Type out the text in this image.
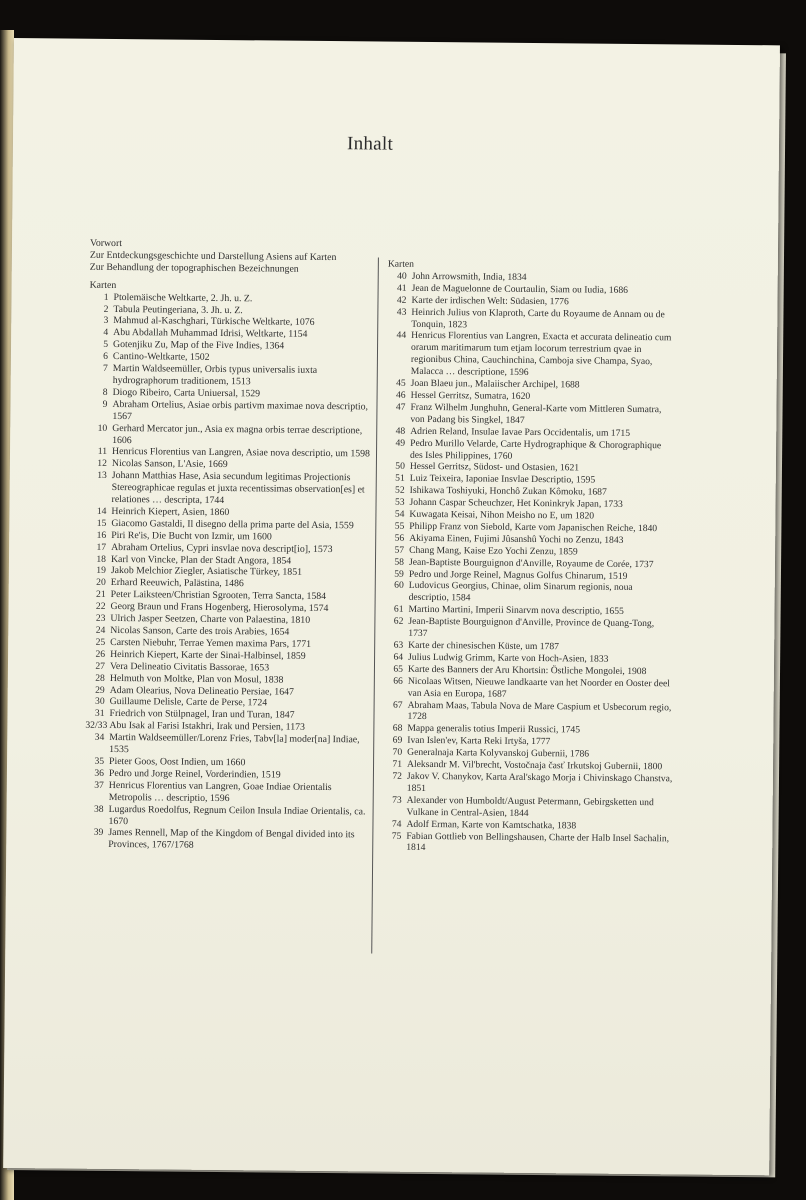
Inhalt
Vorwort
Zur Entdeckungsgeschichte und Darstellung Asiens auf Karten
Zur Behandlung der topographischen Bezeichnungen
Karten
1 Ptolemäische Weltkarte, 2. Jh. u. Z.
2 Tabula Peutingeriana, 3. Jh. u. Z.
3 Mahmud al-Kaschghari, Türkische Weltkarte, 1076
4 Abu Abdallah Muhammad Idrisi, Weltkarte, 1154
5 Gotenjiku Zu, Map of the Five Indies, 1364
6 Cantino-Weltkarte, 1502
7 Martin Waldseemüller, Orbis typus universalis iuxta hydrographorum traditionem, 1513
8 Diogo Ribeiro, Carta Uniuersal, 1529
9 Abraham Ortelius, Asiae orbis partivm maximae nova descriptio, 1567
10 Gerhard Mercator jun., Asia ex magna orbis terrae descriptione, 1606
11 Henricus Florentius van Langren, Asiae nova descriptio, um 1598
12 Nicolas Sanson, L'Asie, 1669
13 Johann Matthias Hase, Asia secundum legitimas Projectionis Stereographicae regulas et juxta recentissimas observation[es] et relationes … descripta, 1744
14 Heinrich Kiepert, Asien, 1860
15 Giacomo Gastaldi, Il disegno della prima parte del Asia, 1559
16 Piri Re'is, Die Bucht von Izmir, um 1600
17 Abraham Ortelius, Cypri insvlae nova descript[io], 1573
18 Karl von Vincke, Plan der Stadt Angora, 1854
19 Jakob Melchior Ziegler, Asiatische Türkey, 1851
20 Erhard Reeuwich, Palästina, 1486
21 Peter Laiksteen/Christian Sgrooten, Terra Sancta, 1584
22 Georg Braun und Frans Hogenberg, Hierosolyma, 1574
23 Ulrich Jasper Seetzen, Charte von Palaestina, 1810
24 Nicolas Sanson, Carte des trois Arabies, 1654
25 Carsten Niebuhr, Terrae Yemen maxima Pars, 1771
26 Heinrich Kiepert, Karte der Sinai-Halbinsel, 1859
27 Vera Delineatio Civitatis Bassorae, 1653
28 Helmuth von Moltke, Plan von Mosul, 1838
29 Adam Olearius, Nova Delineatio Persiae, 1647
30 Guillaume Delisle, Carte de Perse, 1724
31 Friedrich von Stülpnagel, Iran und Turan, 1847
32/33 Abu Isak al Farisi Istakhri, Irak und Persien, 1173
34 Martin Waldseemüller/Lorenz Fries, Tabv[la] moder[na] Indiae, 1535
35 Pieter Goos, Oost Indien, um 1660
36 Pedro und Jorge Reinel, Vorderindien, 1519
37 Henricus Florentius van Langren, Goae Indiae Orientalis Metropolis … descriptio, 1596
38 Lugardus Roedolfus, Regnum Ceilon Insula Indiae Orientalis, ca. 1670
39 James Rennell, Map of the Kingdom of Bengal divided into its Provinces, 1767/1768
Karten
40 John Arrowsmith, India, 1834
41 Jean de Maguelonne de Courtaulin, Siam ou Iudia, 1686
42 Karte der irdischen Welt: Südasien, 1776
43 Heinrich Julius von Klaproth, Carte du Royaume de Annam ou de Tonquin, 1823
44 Henricus Florentius van Langren, Exacta et accurata delineatio cum orarum maritimarum tum etjam locorum terrestrium qvae in regionibus China, Cauchinchina, Camboja sive Champa, Syao, Malacca … descriptione, 1596
45 Joan Blaeu jun., Malaiischer Archipel, 1688
46 Hessel Gerritsz, Sumatra, 1620
47 Franz Wilhelm Junghuhn, General-Karte vom Mittleren Sumatra, von Padang bis Singkel, 1847
48 Adrien Reland, Insulae Iavae Pars Occidentalis, um 1715
49 Pedro Murillo Velarde, Carte Hydrographique & Chorographique des Isles Philippines, 1760
50 Hessel Gerritsz, Südost- und Ostasien, 1621
51 Luiz Teixeira, Iaponiae Insvlae Descriptio, 1595
52 Ishikawa Toshiyuki, Honchô Zukan Kômoku, 1687
53 Johann Caspar Scheuchzer, Het Koninkryk Japan, 1733
54 Kuwagata Keisai, Nihon Meisho no E, um 1820
55 Philipp Franz von Siebold, Karte vom Japanischen Reiche, 1840
56 Akiyama Einen, Fujimi Jûsanshû Yochi no Zenzu, 1843
57 Chang Mang, Kaise Ezo Yochi Zenzu, 1859
58 Jean-Baptiste Bourguignon d'Anville, Royaume de Corée, 1737
59 Pedro und Jorge Reinel, Magnus Golfus Chinarum, 1519
60 Ludovicus Georgius, Chinae, olim Sinarum regionis, noua descriptio, 1584
61 Martino Martini, Imperii Sinarvm nova descriptio, 1655
62 Jean-Baptiste Bourguignon d'Anville, Province de Quang-Tong, 1737
63 Karte der chinesischen Küste, um 1787
64 Julius Ludwig Grimm, Karte von Hoch-Asien, 1833
65 Karte des Banners der Aru Khortsin: Östliche Mongolei, 1908
66 Nicolaas Witsen, Nieuwe landkaarte van het Noorder en Ooster deel van Asia en Europa, 1687
67 Abraham Maas, Tabula Nova de Mare Caspium et Usbecorum regio, 1728
68 Mappa generalis totius Imperii Russici, 1745
69 Ivan Islen'ev, Karta Reki Irtyša, 1777
70 Generalnaja Karta Kolyvanskoj Gubernii, 1786
71 Aleksandr M. Vil'brecht, Vostočnaja časť Irkutskoj Gubernii, 1800
72 Jakov V. Chanykov, Karta Aral'skago Morja i Chivinskago Chanstva, 1851
73 Alexander von Humboldt/August Petermann, Gebirgsketten und Vulkane in Central-Asien, 1844
74 Adolf Erman, Karte von Kamtschatka, 1838
75 Fabian Gottlieb von Bellingshausen, Charte der Halb Insel Sachalin, 1814
